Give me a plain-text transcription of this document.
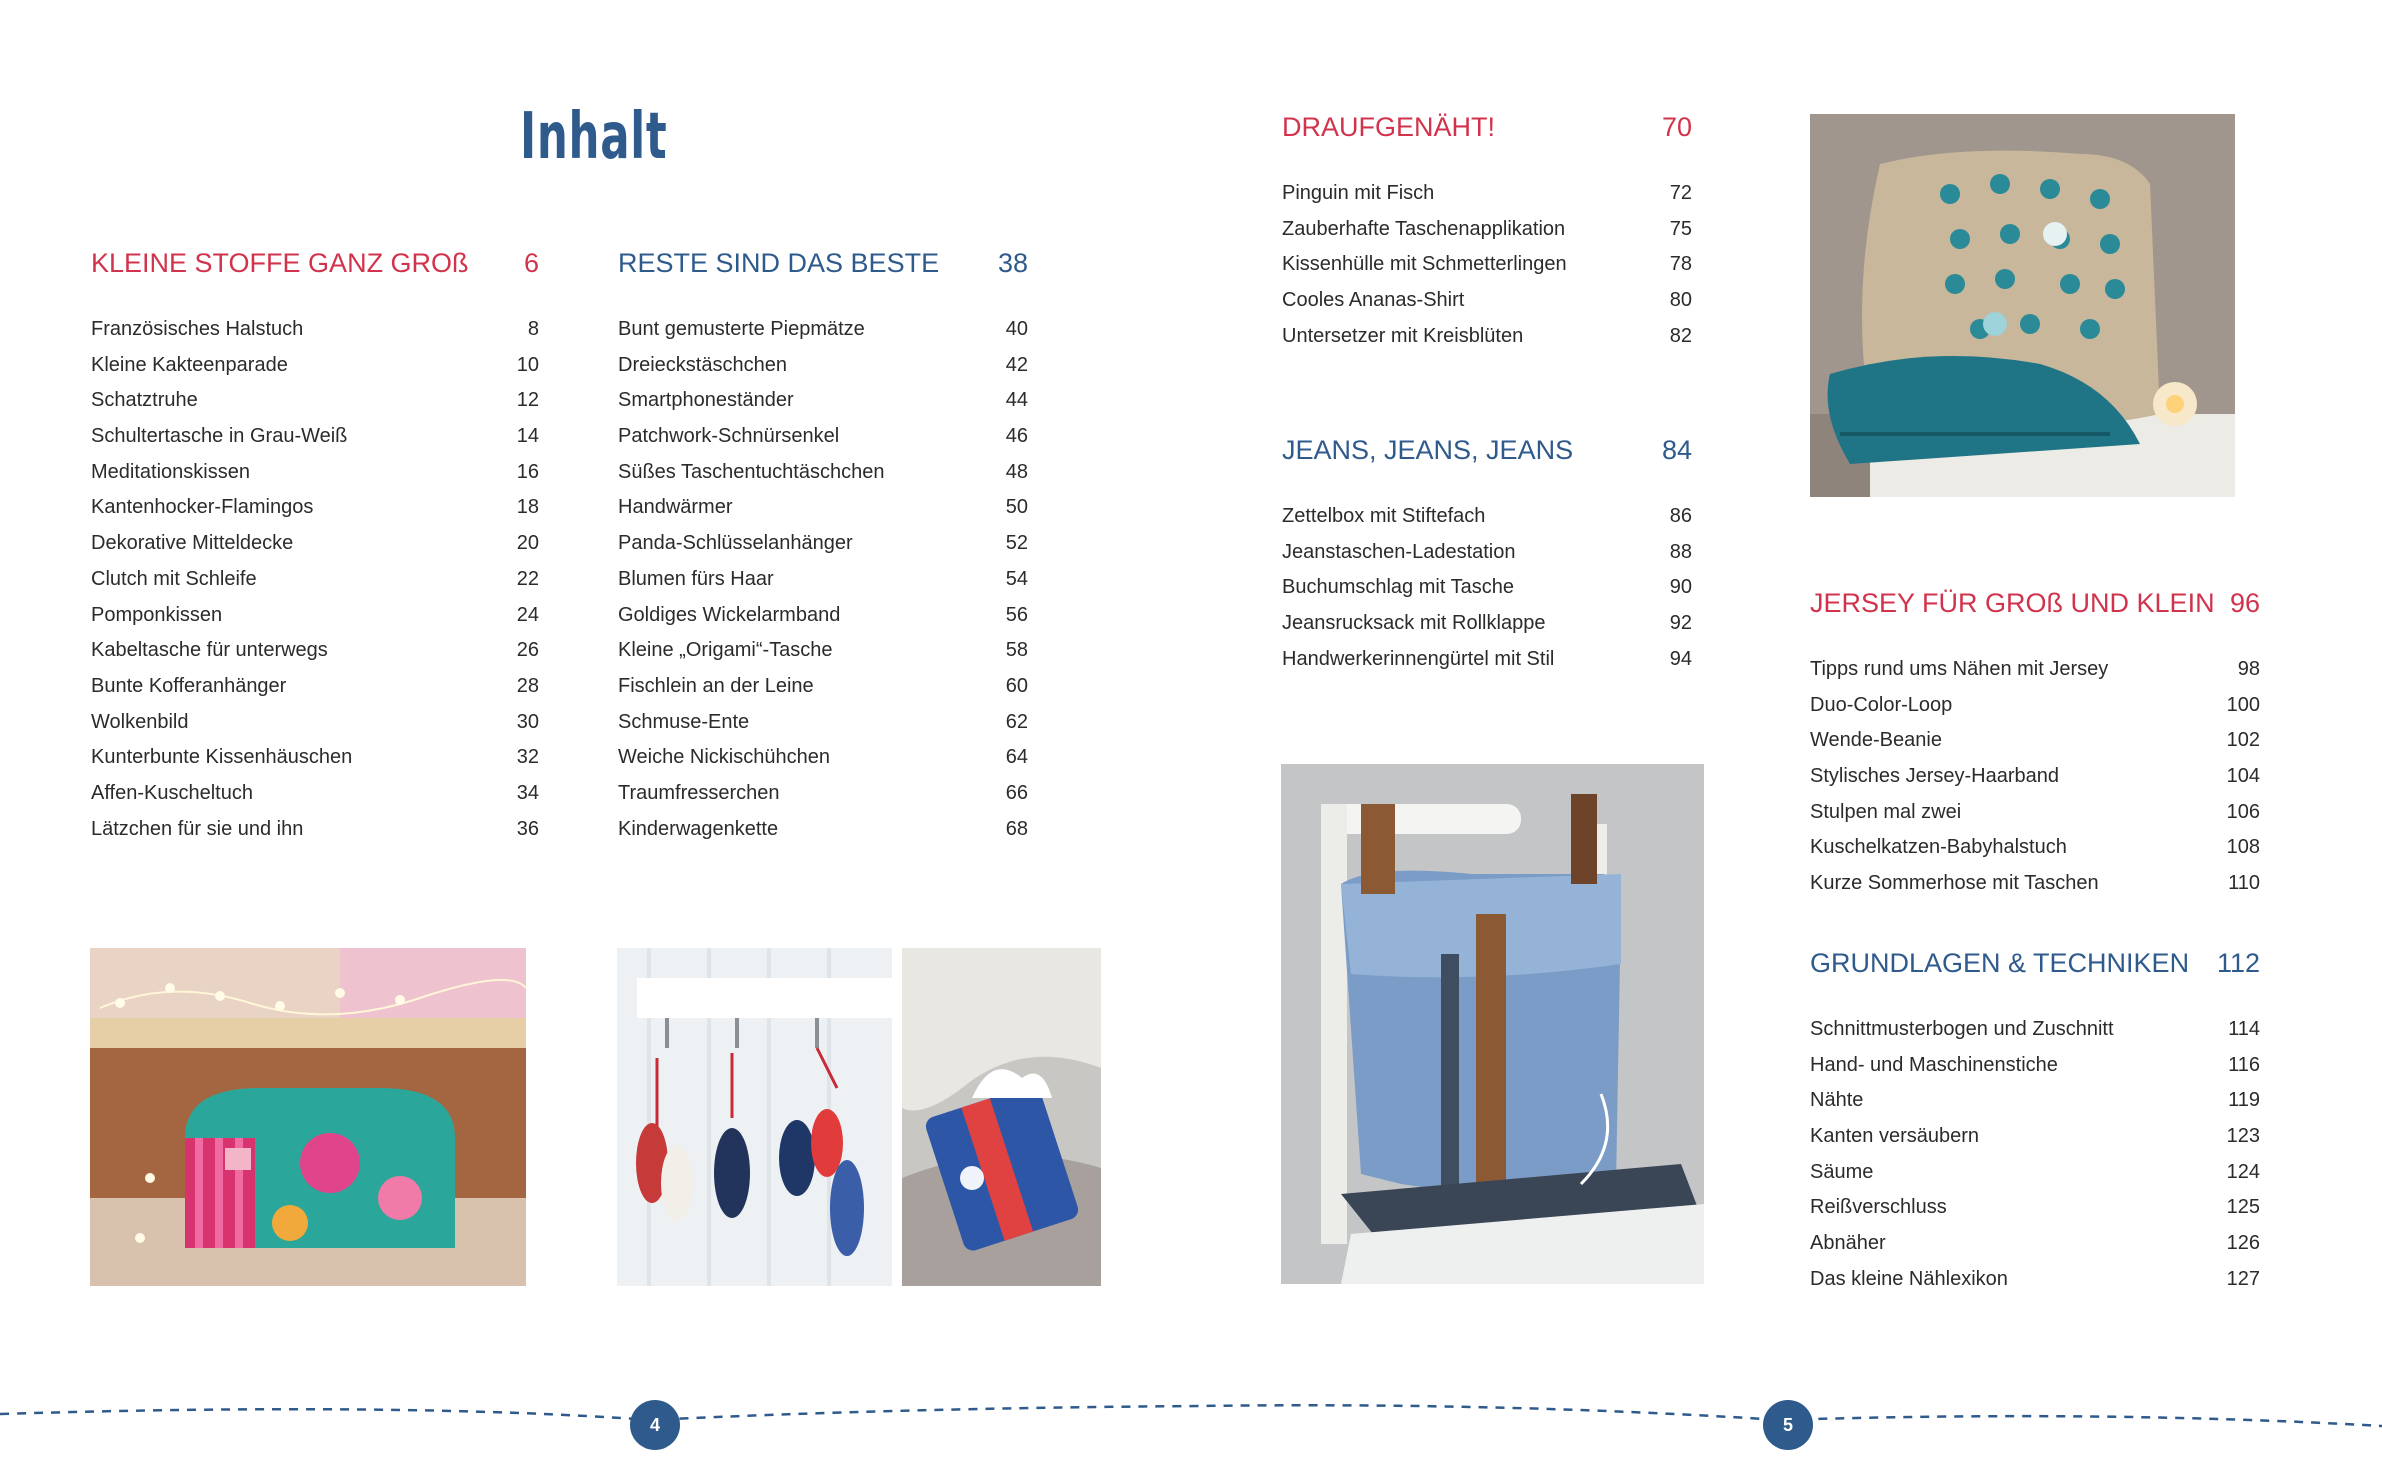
Inhalt
KLEINE STOFFE GANZ GROß 6
Französisches Halstuch	8
Kleine Kakteenparade	10
Schatztruhe	12
Schultertasche in Grau-Weiß	14
Meditationskissen	16
Kantenhocker-Flamingos	18
Dekorative Mitteldecke	20
Clutch mit Schleife	22
Pomponkissen	24
Kabeltasche für unterwegs	26
Bunte Kofferanhänger	28
Wolkenbild	30
Kunterbunte Kissenhäuschen	32
Affen-Kuscheltuch	34
Lätzchen für sie und ihn	36
RESTE SIND DAS BESTE 38
Bunt gemusterte Piepmätze	40
Dreieckstäschchen	42
Smartphoneständer	44
Patchwork-Schnürsenkel	46
Süßes Taschentuchtäschchen	48
Handwärmer	50
Panda-Schlüsselanhänger	52
Blumen fürs Haar	54
Goldiges Wickelarmband	56
Kleine „Origami“-Tasche	58
Fischlein an der Leine	60
Schmuse-Ente	62
Weiche Nickischühchen	64
Traumfresserchen	66
Kinderwagenkette	68
DRAUFGENÄHT!	70
Pinguin mit Fisch	72
Zauberhafte Taschenapplikation	75
Kissenhülle mit Schmetterlingen	78
Cooles Ananas-Shirt	80
Untersetzer mit Kreisblüten	82
JEANS, JEANS, JEANS	84
Zettelbox mit Stiftefach	86
Jeanstaschen-Ladestation	88
Buchumschlag mit Tasche	90
Jeansrucksack mit Rollklappe	92
Handwerkerinnengürtel mit Stil	94
JERSEY FÜR GROß UND KLEIN 96
Tipps rund ums Nähen mit Jersey	98
Duo-Color-Loop	100
Wende-Beanie	102
Stylisches Jersey-Haarband	104
Stulpen mal zwei	106
Kuschelkatzen-Babyhalstuch	108
Kurze Sommerhose mit Taschen	110
GRUNDLAGEN & TECHNIKEN 112
Schnittmusterbogen und Zuschnitt	114
Hand- und Maschinenstiche	116
Nähte	119
Kanten versäubern	123
Säume	124
Reißverschluss	125
Abnäher	126
Das kleine Nählexikon	127
4	5
